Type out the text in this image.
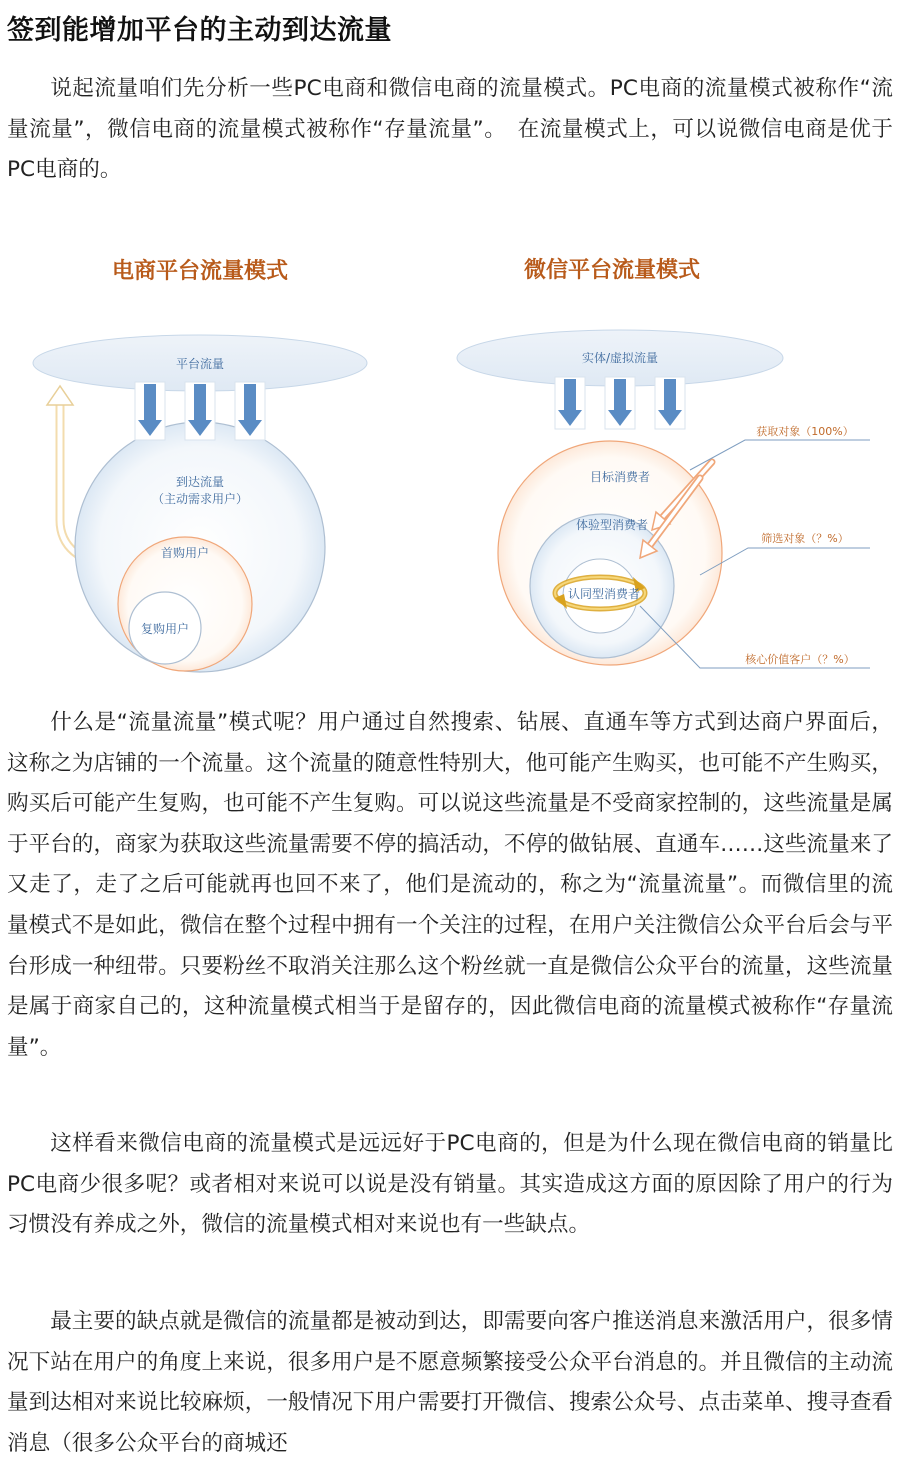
签到能增加平台的主动到达流量

说起流量咱们先分析一些PC电商和微信电商的流量模式。PC电商的流量模式被称作“流量流量”，微信电商的流量模式被称作“存量流量”。　在流量模式上，可以说微信电商是优于PC电商的。

电商平台流量模式
平台流量
到达流量
（主动需求用户）
首购用户
复购用户
微信平台流量模式
实体/虚拟流量
目标消费者
体验型消费者
认同型消费者
获取对象（100%）
筛选对象（？%）
核心价值客户（？%）

什么是“流量流量”模式呢？用户通过自然搜索、钻展、直通车等方式到达商户界面后，这称之为店铺的一个流量。这个流量的随意性特别大，他可能产生购买，也可能不产生购买，购买后可能产生复购，也可能不产生复购。可以说这些流量是不受商家控制的，这些流量是属于平台的，商家为获取这些流量需要不停的搞活动，不停的做钻展、直通车……这些流量来了又走了，走了之后可能就再也回不来了，他们是流动的，称之为“流量流量”。而微信里的流量模式不是如此，微信在整个过程中拥有一个关注的过程，在用户关注微信公众平台后会与平台形成一种纽带。只要粉丝不取消关注那么这个粉丝就一直是微信公众平台的流量，这些流量是属于商家自己的，这种流量模式相当于是留存的，因此微信电商的流量模式被称作“存量流量”。

这样看来微信电商的流量模式是远远好于PC电商的，但是为什么现在微信电商的销量比PC电商少很多呢？或者相对来说可以说是没有销量。其实造成这方面的原因除了用户的行为习惯没有养成之外，微信的流量模式相对来说也有一些缺点。

最主要的缺点就是微信的流量都是被动到达，即需要向客户推送消息来激活用户，很多情况下站在用户的角度上来说，很多用户是不愿意频繁接受公众平台消息的。并且微信的主动流量到达相对来说比较麻烦，一般情况下用户需要打开微信、搜索公众号、点击菜单、搜寻查看消息（很多公众平台的商城还
